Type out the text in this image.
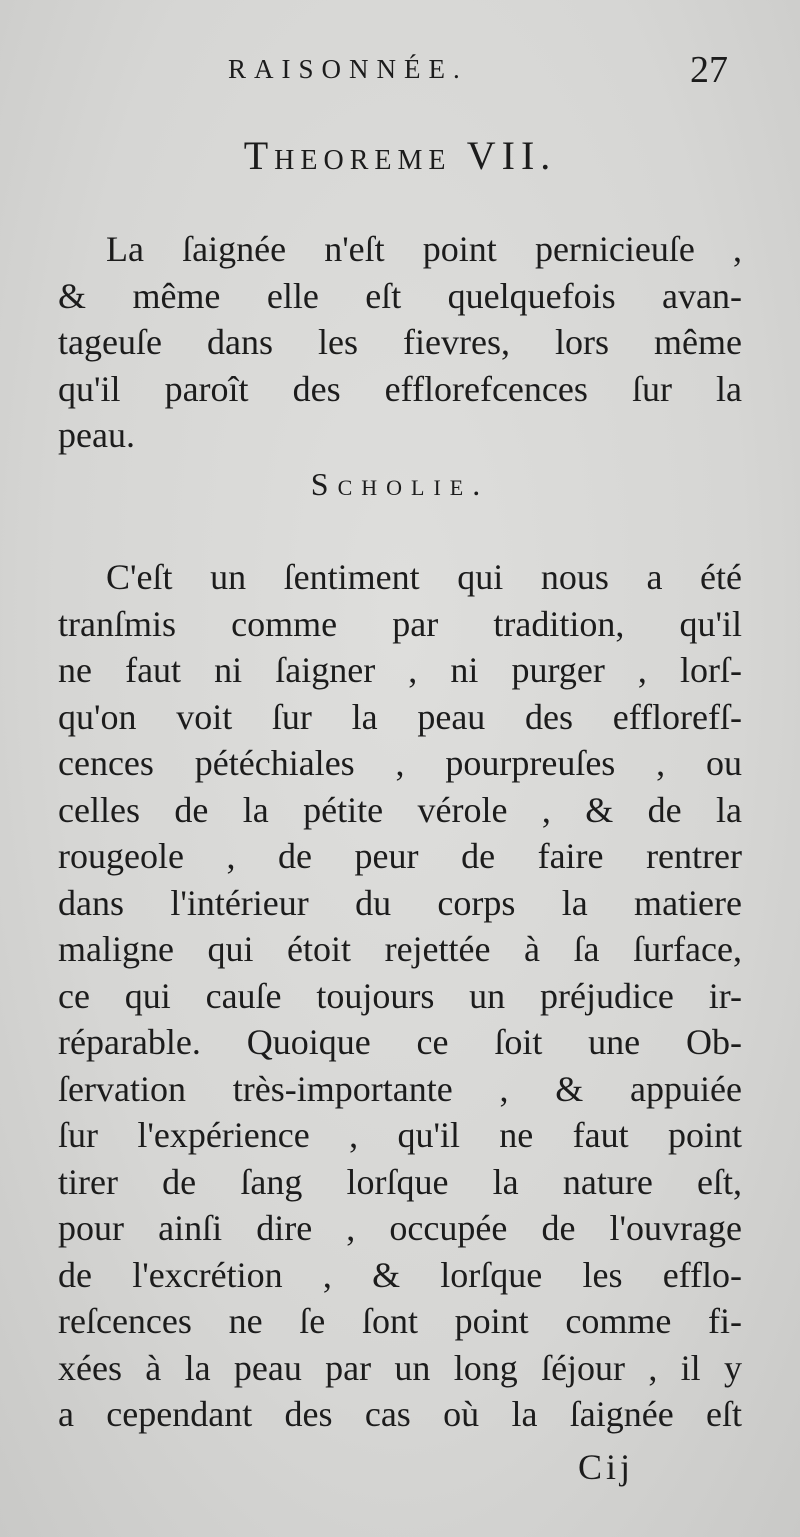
RAISONNÉE.	27
Theoreme VII.
La ſaignée n'eſt point pernicieuſe ,
& même elle eſt quelquefois avan-
tageuſe dans les fievres, lors même
qu'il paroît des efflorefcences ſur la
peau.
Scholie.
C'eſt un ſentiment qui nous a été
tranſmis comme par tradition, qu'il
ne faut ni ſaigner , ni purger , lorſ-
qu'on voit ſur la peau des efflorefſ-
cences pétéchiales , pourpreuſes , ou
celles de la pétite vérole , & de la
rougeole , de peur de faire rentrer
dans l'intérieur du corps la matiere
maligne qui étoit rejettée à ſa ſurface,
ce qui cauſe toujours un préjudice ir-
réparable. Quoique ce ſoit une Ob-
ſervation très-importante , & appuiée
ſur l'expérience , qu'il ne faut point
tirer de ſang lorſque la nature eſt,
pour ainſi dire , occupée de l'ouvrage
de l'excrétion , & lorſque les efflo-
reſcences ne ſe ſont point comme fi-
xées à la peau par un long ſéjour , il y
a cependant des cas où la ſaignée eſt
Cij
